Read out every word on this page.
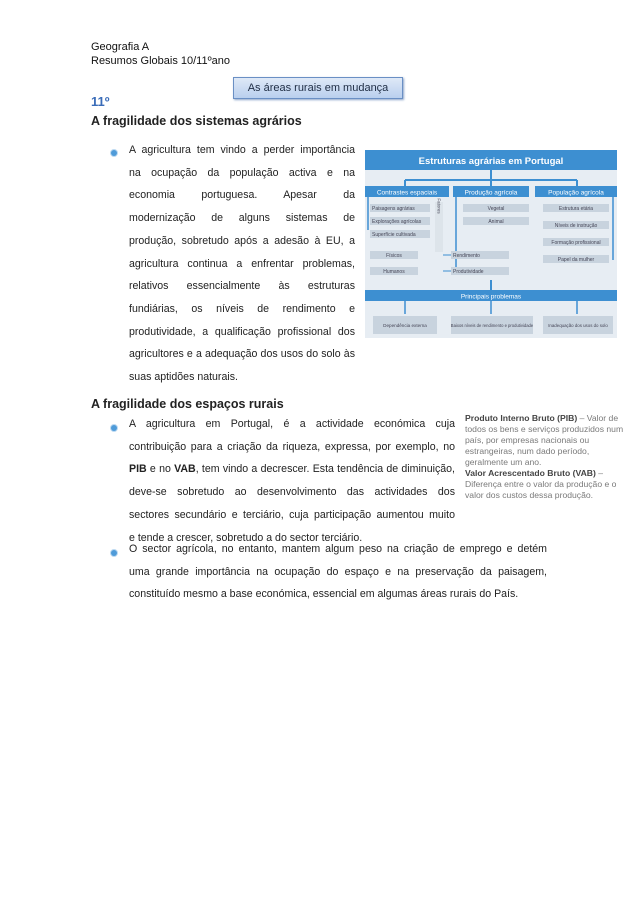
Geografia A
Resumos Globais 10/11ºano
As áreas rurais em mudança
11º
A fragilidade dos sistemas agrários
A agricultura tem vindo a perder importância
na ocupação da população activa e na
economia portuguesa. Apesar da
modernização de alguns sistemas de
produção, sobretudo após a adesão à EU, a
agricultura continua a enfrentar problemas,
relativos essencialmente às estruturas
fundiárias, os níveis de rendimento e
produtividade, a qualificação profissional dos
agricultores e a adequação dos usos do solo às
suas aptidões naturais.
Estruturas agrárias em Portugal
Contrastes espaciais	Produção agrícola	População agrícola
Paisagens agrárias
Explorações agrícolas
Superfície cultivada
Físicos
Humanos
Fatores	Vegetal
Animal
Rendimento
Produtividade
Estrutura etária
Níveis de instrução
Formação profissional
Papel da mulher
Principais problemas
Dependência externa	Baixos níveis de rendimento e produtividade	Inadequação dos usos do solo
A fragilidade dos espaços rurais
A agricultura em Portugal, é a actividade económica cuja
contribuição para a criação da riqueza, expressa, por exemplo, no
PIB e no VAB, tem vindo a decrescer. Esta tendência de diminuição,
deve-se sobretudo ao desenvolvimento das actividades dos
sectores secundário e terciário, cuja participação aumentou muito
e tende a crescer, sobretudo a do sector terciário.
O sector agrícola, no entanto, mantem algum peso na criação de emprego e detém
uma grande importância na ocupação do espaço e na preservação da paisagem,
constituído mesmo a base económica, essencial em algumas áreas rurais do País.
Produto Interno Bruto (PIB) – Valor de todos os bens e serviços produzidos num país, por empresas nacionais ou estrangeiras, num dado período, geralmente um ano.
Valor Acrescentado Bruto (VAB) – Diferença entre o valor da produção e o valor dos custos dessa produção.
